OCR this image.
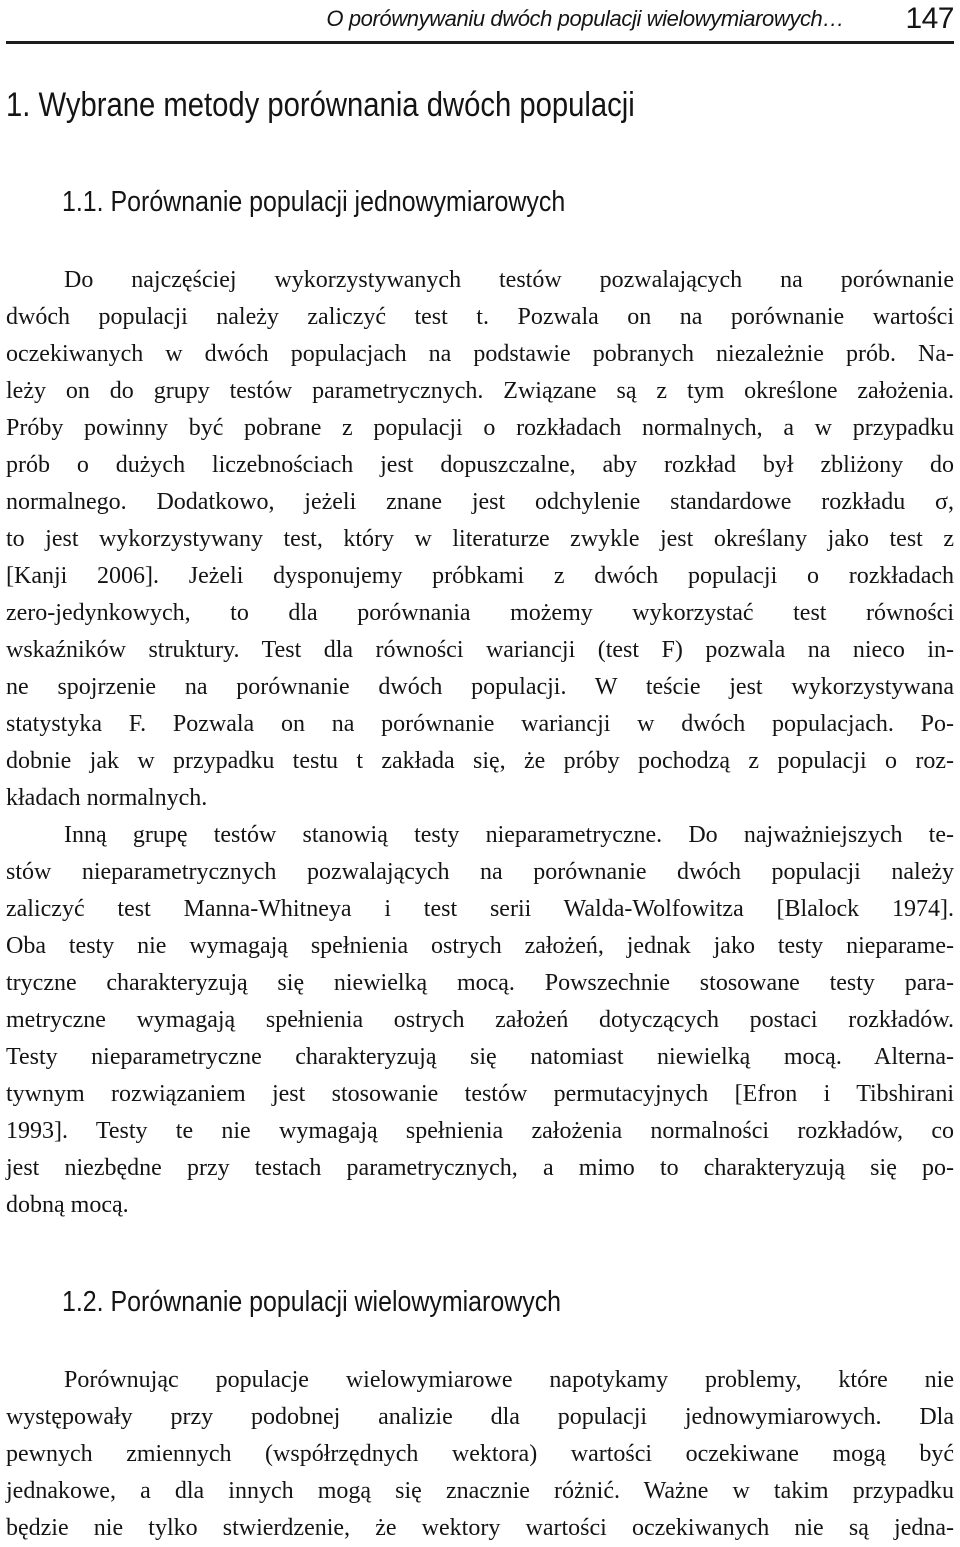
O porównywaniu dwóch populacji wielowymiarowych… 147
1. Wybrane metody porównania dwóch populacji
1.1. Porównanie populacji jednowymiarowych
Do najczęściej wykorzystywanych testów pozwalających na porównanie
dwóch populacji należy zaliczyć test t. Pozwala on na porównanie wartości
oczekiwanych w dwóch populacjach na podstawie pobranych niezależnie prób. Na-
leży on do grupy testów parametrycznych. Związane są z tym określone założenia.
Próby powinny być pobrane z populacji o rozkładach normalnych, a w przypadku
prób o dużych liczebnościach jest dopuszczalne, aby rozkład był zbliżony do
normalnego. Dodatkowo, jeżeli znane jest odchylenie standardowe rozkładu σ,
to jest wykorzystywany test, który w literaturze zwykle jest określany jako test z
[Kanji 2006]. Jeżeli dysponujemy próbkami z dwóch populacji o rozkładach
zero-jedynkowych, to dla porównania możemy wykorzystać test równości
wskaźników struktury. Test dla równości wariancji (test F) pozwala na nieco in-
ne spojrzenie na porównanie dwóch populacji. W teście jest wykorzystywana
statystyka F. Pozwala on na porównanie wariancji w dwóch populacjach. Po-
dobnie jak w przypadku testu t zakłada się, że próby pochodzą z populacji o roz-
kładach normalnych.
Inną grupę testów stanowią testy nieparametryczne. Do najważniejszych te-
stów nieparametrycznych pozwalających na porównanie dwóch populacji należy
zaliczyć test Manna-Whitneya i test serii Walda-Wolfowitza [Blalock 1974].
Oba testy nie wymagają spełnienia ostrych założeń, jednak jako testy nieparame-
tryczne charakteryzują się niewielką mocą. Powszechnie stosowane testy para-
metryczne wymagają spełnienia ostrych założeń dotyczących postaci rozkładów.
Testy nieparametryczne charakteryzują się natomiast niewielką mocą. Alterna-
tywnym rozwiązaniem jest stosowanie testów permutacyjnych [Efron i Tibshirani
1993]. Testy te nie wymagają spełnienia założenia normalności rozkładów, co
jest niezbędne przy testach parametrycznych, a mimo to charakteryzują się po-
dobną mocą.
1.2. Porównanie populacji wielowymiarowych
Porównując populacje wielowymiarowe napotykamy problemy, które nie
występowały przy podobnej analizie dla populacji jednowymiarowych. Dla
pewnych zmiennych (współrzędnych wektora) wartości oczekiwane mogą być
jednakowe, a dla innych mogą się znacznie różnić. Ważne w takim przypadku
będzie nie tylko stwierdzenie, że wektory wartości oczekiwanych nie są jedna-
